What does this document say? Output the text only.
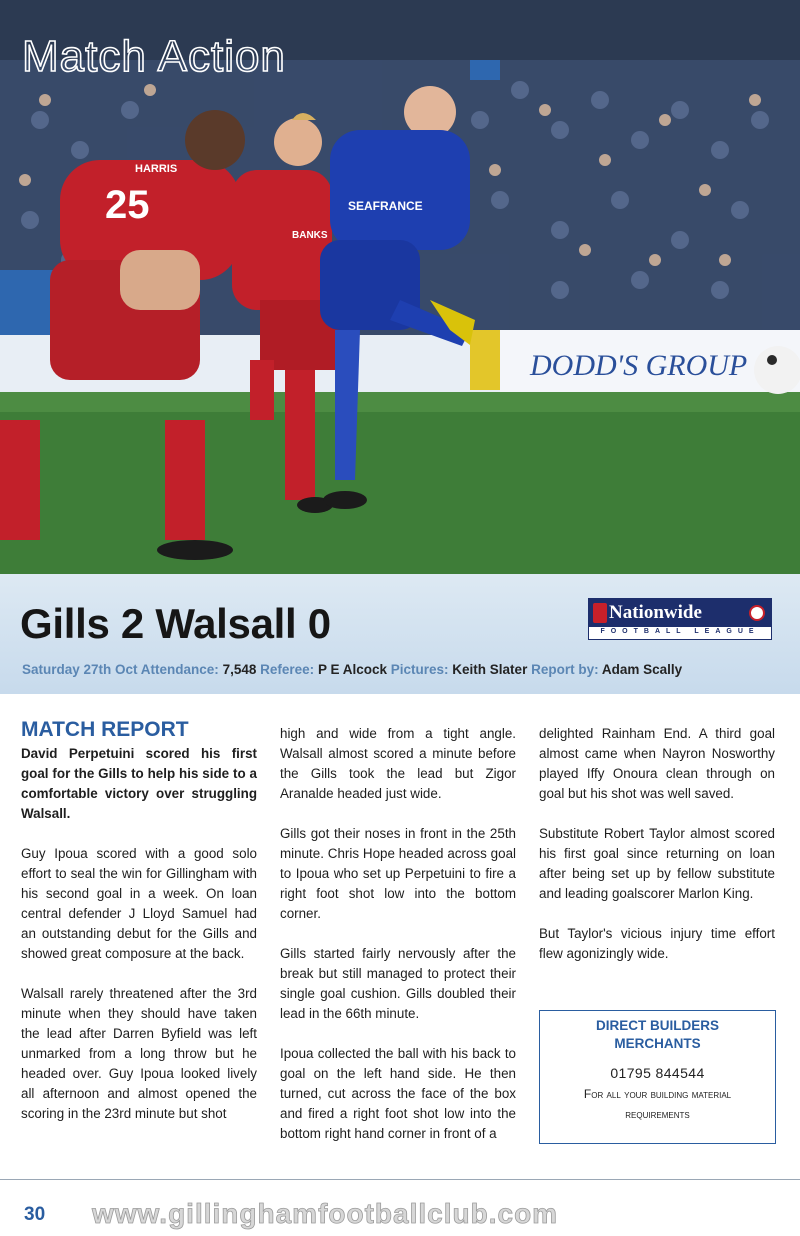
DODD'S GROUP
25
HARRIS
BANKS
SEAFRANCE
Match Action
Gills 2 Walsall 0	Nationwide
FOOTBALL LEAGUE
Saturday 27th Oct Attendance: 7,548 Referee: P E Alcock Pictures: Keith Slater Report by: Adam Scally
MATCH REPORT

David Perpetuini scored his first goal for the Gills to help his side to a comfortable victory over struggling Walsall.

Guy Ipoua scored with a good solo effort to seal the win for Gillingham with his second goal in a week. On loan central defender J Lloyd Samuel had an outstanding debut for the Gills and showed great composure at the back.

Walsall rarely threatened after the 3rd minute when they should have taken the lead after Darren Byfield was left unmarked from a long throw but he headed over. Guy Ipoua looked lively all afternoon and almost opened the scoring in the 23rd minute but shot

high and wide from a tight angle. Walsall almost scored a minute before the Gills took the lead but Zigor Aranalde headed just wide.

Gills got their noses in front in the 25th minute. Chris Hope headed across goal to Ipoua who set up Perpetuini to fire a right foot shot low into the bottom corner.

Gills started fairly nervously after the break but still managed to protect their single goal cushion. Gills doubled their lead in the 66th minute.

Ipoua collected the ball with his back to goal on the left hand side. He then turned, cut across the face of the box and fired a right foot shot low into the bottom right hand corner in front of a

delighted Rainham End. A third goal almost came when Nayron Nosworthy played Iffy Onoura clean through on goal but his shot was well saved.

Substitute Robert Taylor almost scored his first goal since returning on loan after being set up by fellow substitute and leading goalscorer Marlon King.

But Taylor's vicious injury time effort flew agonizingly wide.

DIRECT BUILDERS
MERCHANTS
01795 844544
For all your building material
requirements
30 www.gillinghamfootballclub.com
